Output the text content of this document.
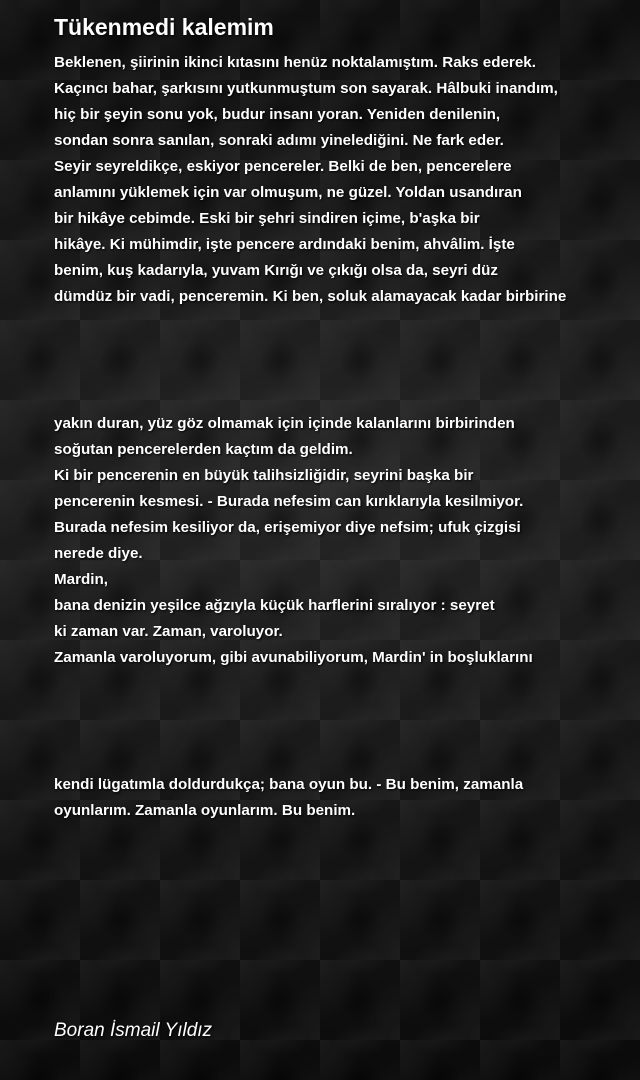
Tükenmedi kalemim
Beklenen, şiirinin ikinci kıtasını henüz noktalamıştım. Raks ederek.
Kaçıncı bahar, şarkısını yutkunmuştum son sayarak. Hâlbuki inandım,
hiç bir şeyin sonu yok, budur insanı yoran. Yeniden denilenin,
sondan sonra sanılan, sonraki adımı yinelediğini. Ne fark eder.
Seyir seyreldikçe, eskiyor pencereler. Belki de ben, pencerelere
anlamını yüklemek için var olmuşum, ne güzel. Yoldan usandıran
bir hikâye cebimde. Eski bir şehri sindiren içime, b'aşka bir
hikâye. Ki mühimdir, işte pencere ardındaki benim, ahvâlim. İşte
benim, kuş kadarıyla, yuvam Kırığı ve çıkığı olsa da, seyri düz
dümdüz bir vadi, penceremin. Ki ben, soluk alamayacak kadar birbirine
yakın duran, yüz göz olmamak için içinde kalanlarını birbirinden
soğutan pencerelerden kaçtım da geldim.
Ki bir pencerenin en büyük talihsizliğidir, seyrini başka bir
pencerenin kesmesi. - Burada nefesim can kırıklarıyla kesilmiyor.
Burada nefesim kesiliyor da, erişemiyor diye nefsim; ufuk çizgisi
nerede diye.
Mardin,
bana denizin yeşilce ağzıyla küçük harflerini sıralıyor : seyret
ki zaman var. Zaman, varoluyor.
Zamanla varoluyorum, gibi avunabiliyorum, Mardin' in boşluklarını
kendi lügatımla doldurdukça; bana oyun bu. - Bu benim, zamanla
oyunlarım. Zamanla oyunlarım. Bu benim.
Boran İsmail Yıldız
